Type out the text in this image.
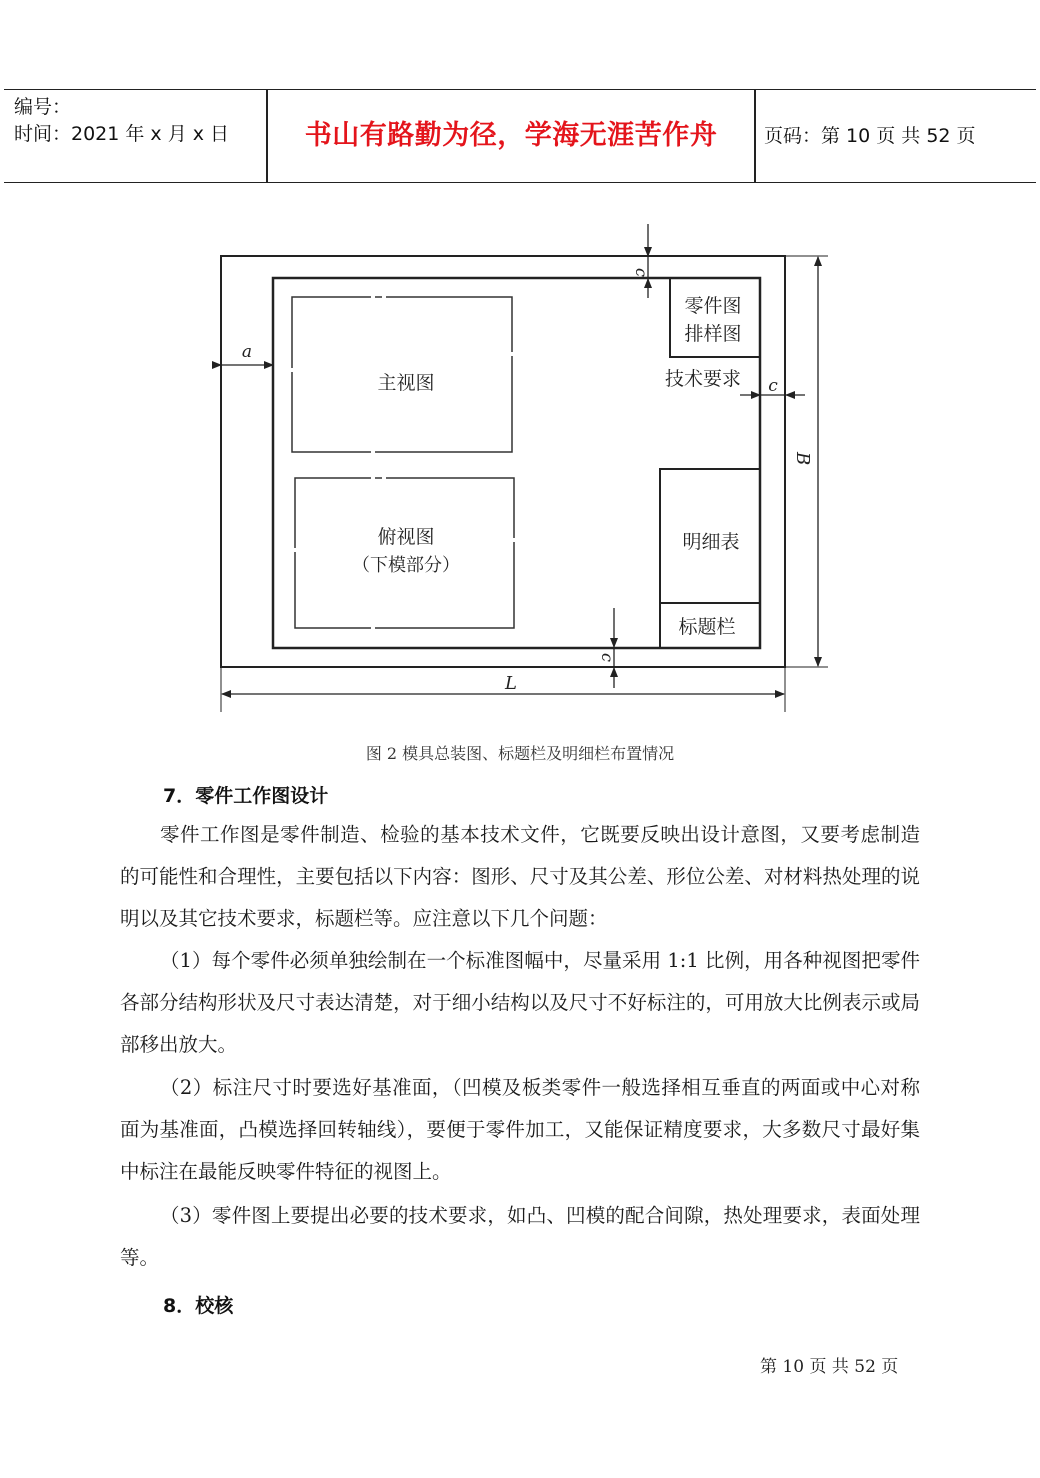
编号：
时间：2021 年 x 月 x 日	书山有路勤为径，学海无涯苦作舟	页码：第 10 页 共 52 页
主视图
俯视图
（下模部分）
零件图
排样图
技术要求
明细表
标题栏
a
c
c
c
B
L
图 2 模具总装图、标题栏及明细栏布置情况
7．零件工作图设计
零件工作图是零件制造、检验的基本技术文件，它既要反映出设计意图，又要考虑制造的可能性和合理性，主要包括以下内容：图形、尺寸及其公差、形位公差、对材料热处理的说明以及其它技术要求，标题栏等。应注意以下几个问题：
（1）每个零件必须单独绘制在一个标准图幅中，尽量采用 1:1 比例，用各种视图把零件各部分结构形状及尺寸表达清楚，对于细小结构以及尺寸不好标注的，可用放大比例表示或局部移出放大。
（2）标注尺寸时要选好基准面，（凹模及板类零件一般选择相互垂直的两面或中心对称面为基准面，凸模选择回转轴线），要便于零件加工，又能保证精度要求，大多数尺寸最好集中标注在最能反映零件特征的视图上。
（3）零件图上要提出必要的技术要求，如凸、凹模的配合间隙，热处理要求，表面处理等。
8．校核
第 10 页 共 52 页
